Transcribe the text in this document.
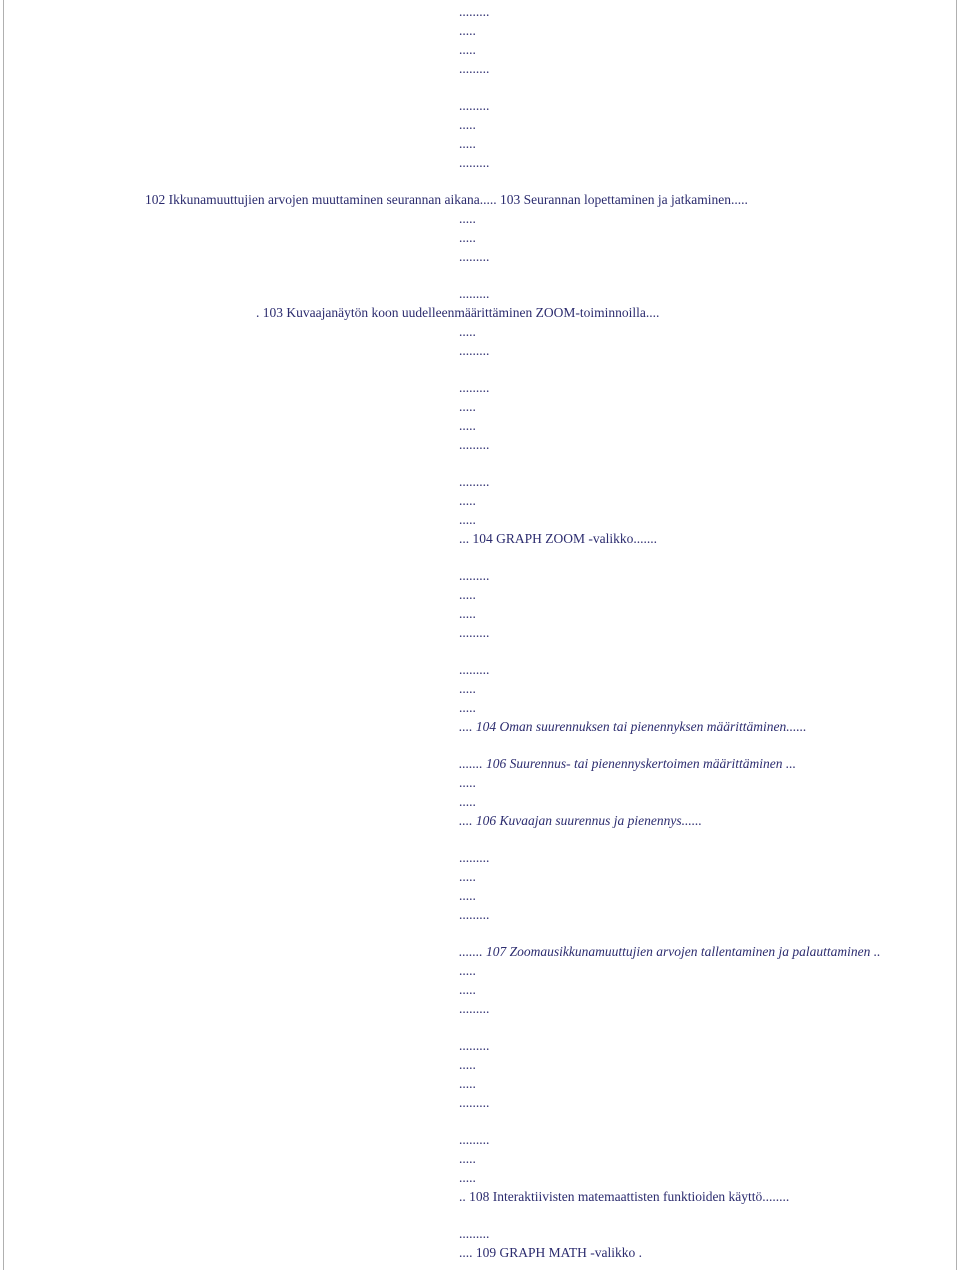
.........
.....
.....
.........
.........
.....
.....
.........
102 Ikkunamuuttujien arvojen muuttaminen seurannan aikana..... 103 Seurannan lopettaminen ja jatkaminen.....
.....
.....
.........
.........
. 103 Kuvaajanäytön koon uudelleenmäärittäminen ZOOM-toiminnoilla....
.....
.........
.........
.....
.....
.........
.........
.....
.....
... 104 GRAPH ZOOM -valikko.......
.........
.....
.....
.........
.........
.....
.....
.... 104 Oman suurennuksen tai pienennyksen määrittäminen......
....... 106 Suurennus- tai pienennyskertoimen määrittäminen ...
.....
.....
.... 106 Kuvaajan suurennus ja pienennys......
.........
.....
.....
.........
....... 107 Zoomausikkunamuuttujien arvojen tallentaminen ja palauttaminen ..
.....
.....
.........
.........
.....
.....
.........
.........
.....
.....
.. 108 Interaktiivisten matemaattisten funktioiden käyttö........
.........
.... 109 GRAPH MATH -valikko .
